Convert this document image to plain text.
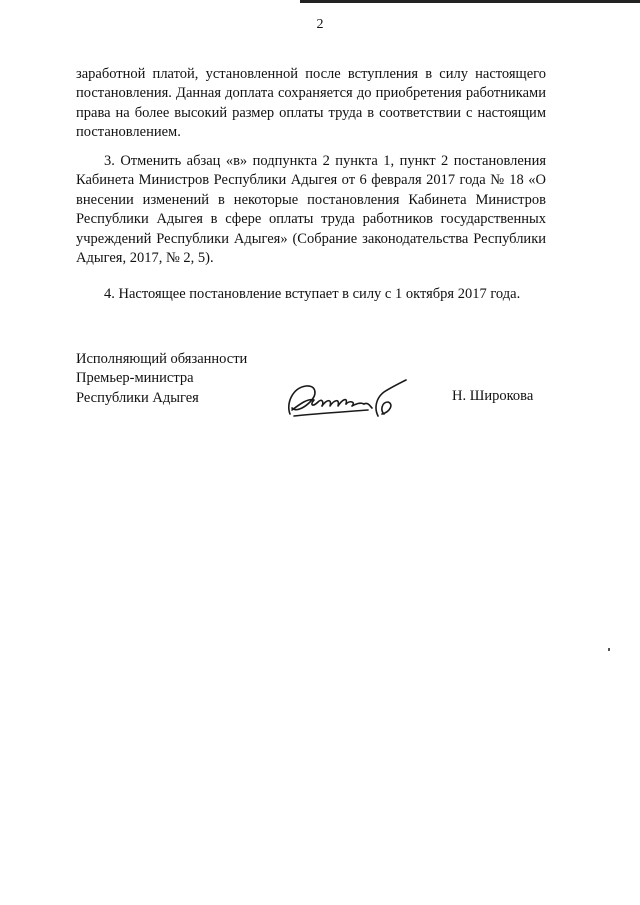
2

заработной платой, установленной после вступления в силу настоящего постановления. Данная доплата сохраняется до приобретения работниками права на более высокий размер оплаты труда в соответствии с настоящим постановлением.

3. Отменить абзац «в» подпункта 2 пункта 1, пункт 2 постановления Кабинета Министров Республики Адыгея от 6 февраля 2017 года № 18 «О внесении изменений в некоторые постановления Кабинета Министров Республики Адыгея в сфере оплаты труда работников государственных учреждений Республики Адыгея» (Собрание законодательства Республики Адыгея, 2017, № 2, 5).

4. Настоящее постановление вступает в силу с 1 октября 2017 года.

Исполняющий обязанности
Премьер-министра
Республики Адыгея	Н. Широкова
